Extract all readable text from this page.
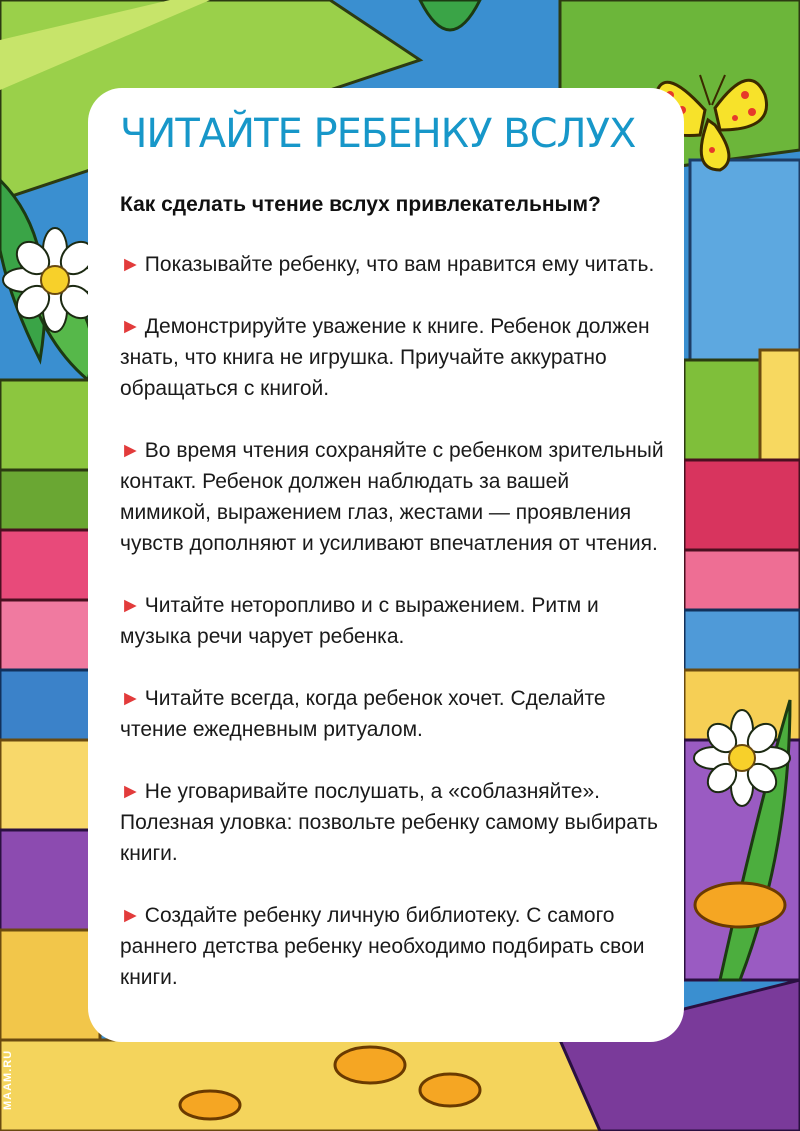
ЧИТАЙТЕ РЕБЕНКУ ВСЛУХ
Как сделать чтение вслух привлекательным?
► Показывайте ребенку, что вам нравится ему читать.
► Демонстрируйте уважение к книге. Ребенок должен знать, что книга не игрушка. Приучайте аккуратно обращаться с книгой.
► Во время чтения сохраняйте с ребенком зрительный контакт. Ребенок должен наблюдать за вашей мимикой, выражением глаз, жестами — проявления чувств дополняют и усиливают впечатления от чтения.
► Читайте неторопливо и с выражением. Ритм и музыка речи чарует ребенка.
► Читайте всегда, когда ребенок хочет. Сделайте чтение ежедневным ритуалом.
► Не уговаривайте послушать, а «соблазняйте». Полезная уловка: позвольте ребенку самому выбирать книги.
► Создайте ребенку личную библиотеку. С самого раннего детства ребенку необходимо подбирать свои книги.
MAAM.RU
